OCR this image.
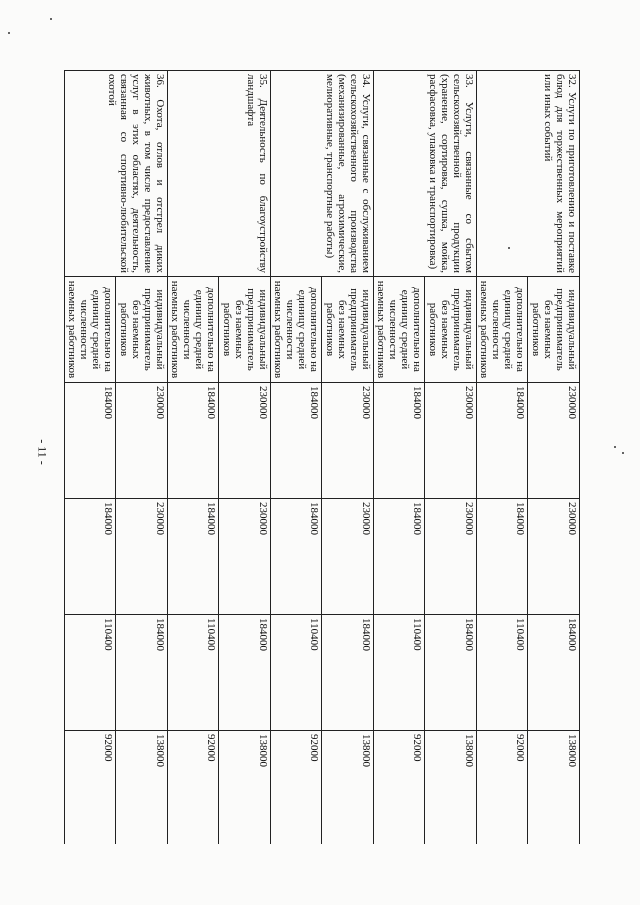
- 11 -
32. Услуги по приготовлению и поставке блюд для торжественных мероприятий или иных событий	индивидуальный предприниматель без наемных работников	230000	230000	184000	138000
	дополнительно на единицу средней численности наемных работников	184000	184000	110400	92000
33. Услуги, связанные со сбытом сельскохозяйственной продукции (хранение, сортировка, сушка, мойка, расфасовка, упаковка и транспортировка)	индивидуальный предприниматель без наемных работников	230000	230000	184000	138000
	дополнительно на единицу средней численности наемных работников	184000	184000	110400	92000
34. Услуги, связанные с обслуживанием сельскохозяйственного производства (механизированные, агрохимические, мелиоративные, транспортные работы)	индивидуальный предприниматель без наемных работников	230000	230000	184000	138000
	дополнительно на единицу средней численности наемных работников	184000	184000	110400	92000
35. Деятельность по благоустройству ландшафта	индивидуальный предприниматель без наемных работников	230000	230000	184000	138000
	дополнительно на единицу средней численности наемных работников	184000	184000	110400	92000
36. Охота, отлов и отстрел диких животных, в том числе предоставление услуг в этих областях, деятельность, связанная со спортивно-любительской охотой	индивидуальный предприниматель без наемных работников	230000	230000	184000	138000
	дополнительно на единицу средней численности наемных работников	184000	184000	110400	92000
